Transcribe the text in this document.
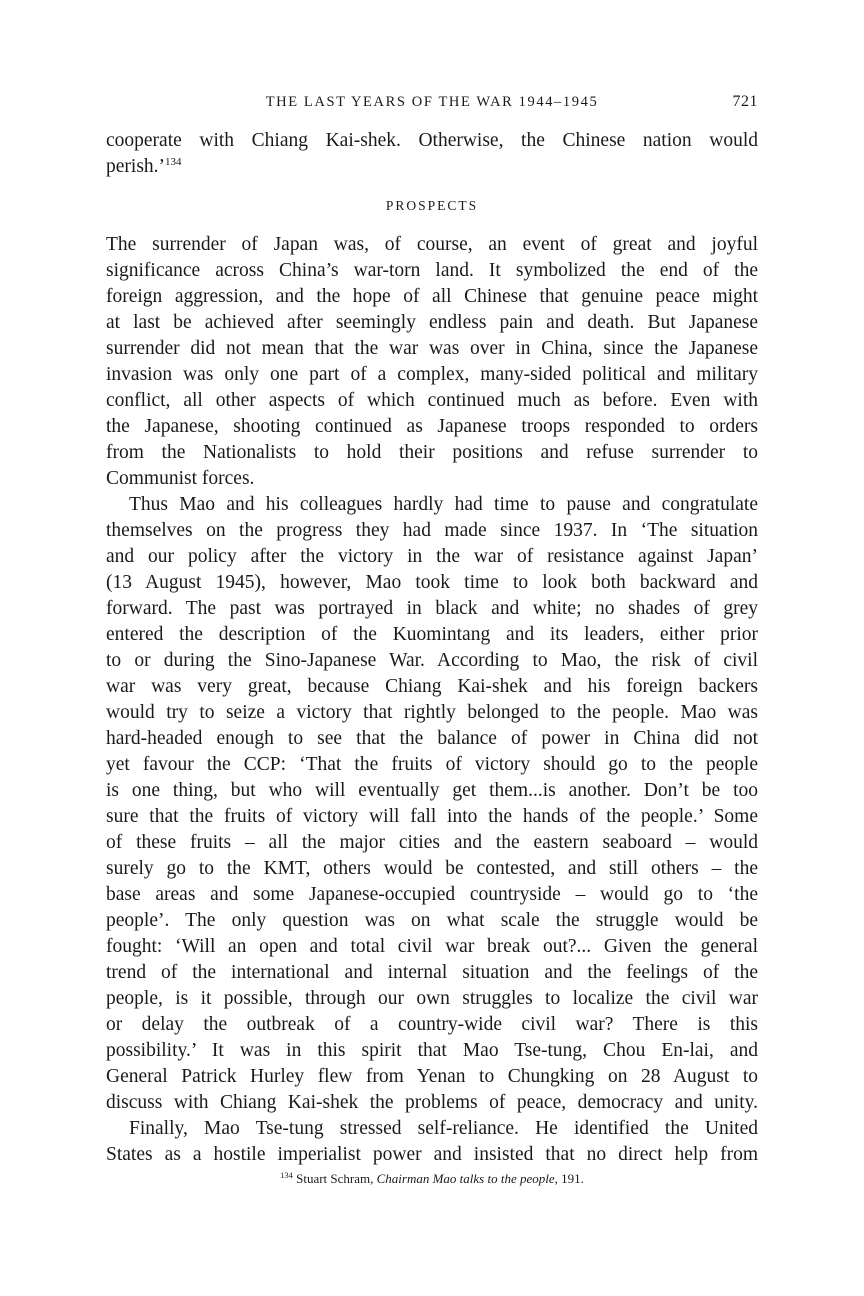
THE LAST YEARS OF THE WAR 1944–1945	721
cooperate with Chiang Kai-shek. Otherwise, the Chinese nation would
perish.’$^{134}$
PROSPECTS
The surrender of Japan was, of course, an event of great and joyful
significance across China’s war-torn land. It symbolized the end of the
foreign aggression, and the hope of all Chinese that genuine peace might
at last be achieved after seemingly endless pain and death. But Japanese
surrender did not mean that the war was over in China, since the Japanese
invasion was only one part of a complex, many-sided political and military
conflict, all other aspects of which continued much as before. Even with
the Japanese, shooting continued as Japanese troops responded to orders
from the Nationalists to hold their positions and refuse surrender to
Communist forces.
Thus Mao and his colleagues hardly had time to pause and congratulate
themselves on the progress they had made since 1937. In ‘The situation
and our policy after the victory in the war of resistance against Japan’
(13 August 1945), however, Mao took time to look both backward and
forward. The past was portrayed in black and white; no shades of grey
entered the description of the Kuomintang and its leaders, either prior
to or during the Sino-Japanese War. According to Mao, the risk of civil
war was very great, because Chiang Kai-shek and his foreign backers
would try to seize a victory that rightly belonged to the people. Mao was
hard-headed enough to see that the balance of power in China did not
yet favour the CCP: ‘That the fruits of victory should go to the people
is one thing, but who will eventually get them...is another. Don’t be too
sure that the fruits of victory will fall into the hands of the people.’ Some
of these fruits – all the major cities and the eastern seaboard – would
surely go to the KMT, others would be contested, and still others – the
base areas and some Japanese-occupied countryside – would go to ‘the
people’. The only question was on what scale the struggle would be
fought: ‘Will an open and total civil war break out?... Given the general
trend of the international and internal situation and the feelings of the
people, is it possible, through our own struggles to localize the civil war
or delay the outbreak of a country-wide civil war? There is this
possibility.’ It was in this spirit that Mao Tse-tung, Chou En-lai, and
General Patrick Hurley flew from Yenan to Chungking on 28 August to
discuss with Chiang Kai-shek the problems of peace, democracy and unity.
Finally, Mao Tse-tung stressed self-reliance. He identified the United
States as a hostile imperialist power and insisted that no direct help from
$^{134}$ Stuart Schram, Chairman Mao talks to the people, 191.
